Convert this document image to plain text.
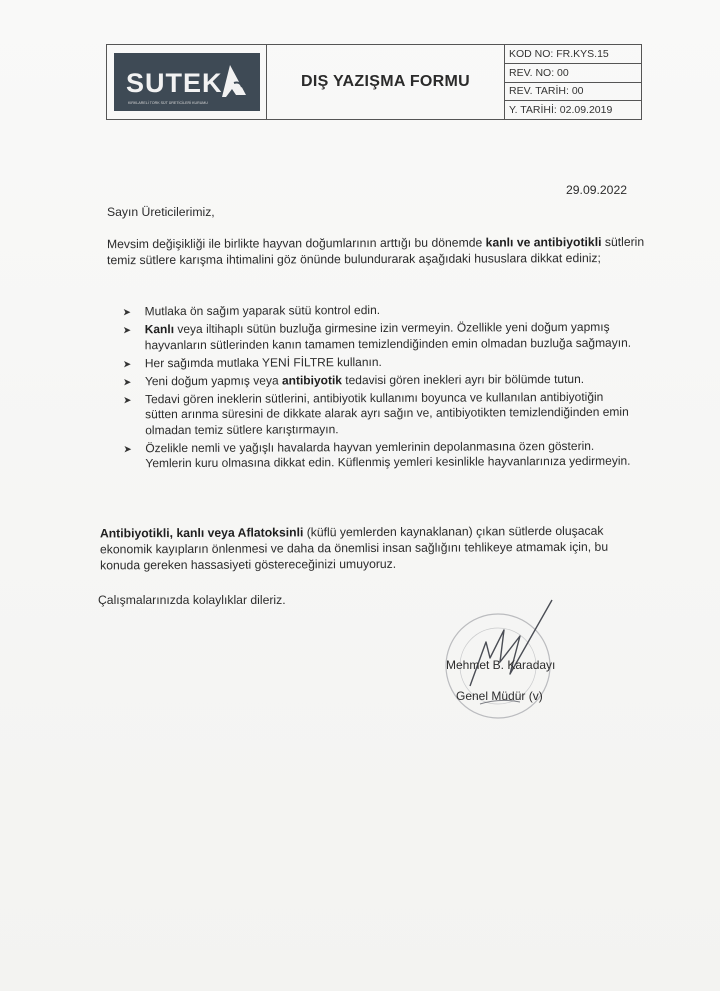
SUTEK
KIRKLARELİ TORK SÜT ÜRETİCİLERİ KURUMU
DIŞ YAZIŞMA FORMU
KOD NO: FR.KYS.15
REV. NO: 00
REV. TARİH: 00
Y. TARİHİ: 02.09.2019
29.09.2022
Sayın Üreticilerimiz,
Mevsim değişikliği ile birlikte hayvan doğumlarının arttığı bu dönemde kanlı ve antibiyotikli sütlerin temiz sütlere karışma ihtimalini göz önünde bulundurarak aşağıdaki hususlara dikkat ediniz;
➤ Mutlaka ön sağım yaparak sütü kontrol edin.
➤ Kanlı veya iltihaplı sütün buzluğa girmesine izin vermeyin. Özellikle yeni doğum yapmış hayvanların sütlerinden kanın tamamen temizlendiğinden emin olmadan buzluğa sağmayın.
➤ Her sağımda mutlaka YENİ FİLTRE kullanın.
➤ Yeni doğum yapmış veya antibiyotik tedavisi gören inekleri ayrı bir bölümde tutun.
➤ Tedavi gören ineklerin sütlerini, antibiyotik kullanımı boyunca ve kullanılan antibiyotiğin sütten arınma süresini de dikkate alarak ayrı sağın ve, antibiyotikten temizlendiğinden emin olmadan temiz sütlere karıştırmayın.
➤ Özelikle nemli ve yağışlı havalarda hayvan yemlerinin depolanmasına özen gösterin. Yemlerin kuru olmasına dikkat edin. Küflenmiş yemleri kesinlikle hayvanlarınıza yedirmeyin.
Antibiyotikli, kanlı veya Aflatoksinli (küflü yemlerden kaynaklanan) çıkan sütlerde oluşacak ekonomik kayıpların önlenmesi ve daha da önemlisi insan sağlığını tehlikeye atmamak için, bu konuda gereken hassasiyeti göstereceğinizi umuyoruz.
Çalışmalarınızda kolaylıklar dileriz.
Mehmet B. Karadayı
Genel Müdür (v)
